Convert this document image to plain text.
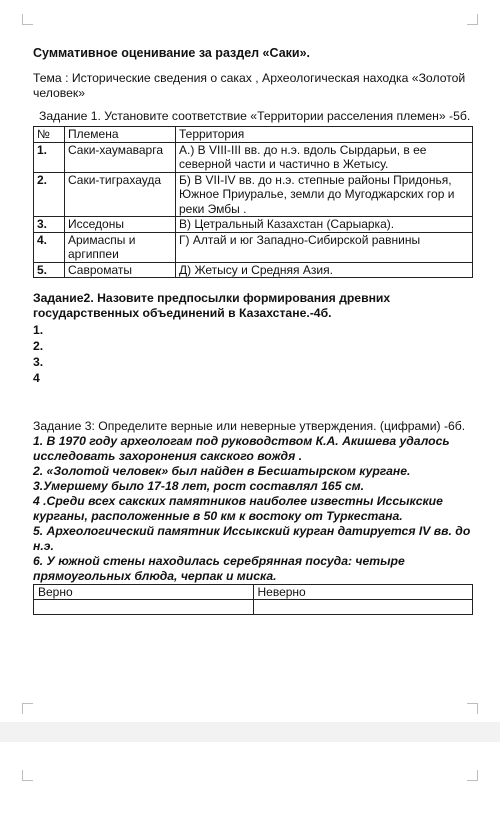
Суммативное оценивание за раздел «Саки».

Тема : Исторические сведения о саках , Археологическая находка «Золотой человек»

Задание 1. Установите соответствие «Территории расселения племен» -5б.

№	Племена	Территория
1.	Саки-хаумаварга	А.) В VIII-III вв. до н.э. вдоль Сырдарьи, в ее северной части и частично в Жетысу.
2.	Саки-тиграхауда	Б) В VII-IV вв. до н.э. степные районы Придонья, Южное Приуралье, земли до Мугоджарских гор и реки Эмбы .
3.	Исседоны	В) Цетральный Казахстан (Сарыарка).
4.	Аримаспы и аргиппеи	Г) Алтай и юг Западно-Сибирской равнины
5.	Савроматы	Д) Жетысу и Средняя Азия.

Задание2. Назовите предпосылки формирования древних государственных объединений в Казахстане.-4б.

1.
2.
3.
4

Задание 3: Определите верные или неверные утверждения. (цифрами) -6б.

1. В 1970 году археологам под руководством К.А. Акишева удалось исследовать захоронения сакского вождя .
2. «Золотой человек» был найден в Бесшатырском кургане.
3.Умершему было 17-18 лет, рост составлял 165 см.
4 .Среди всех сакских памятников наиболее известны Иссыкские курганы, расположенные в 50 км к востоку от Туркестана.
5. Археологический памятник Иссыкский курган датируется IV вв. до н.э.
6. У южной стены находилась серебрянная посуда: четыре прямоугольных блюда, черпак и миска.
Верно	Неверно
